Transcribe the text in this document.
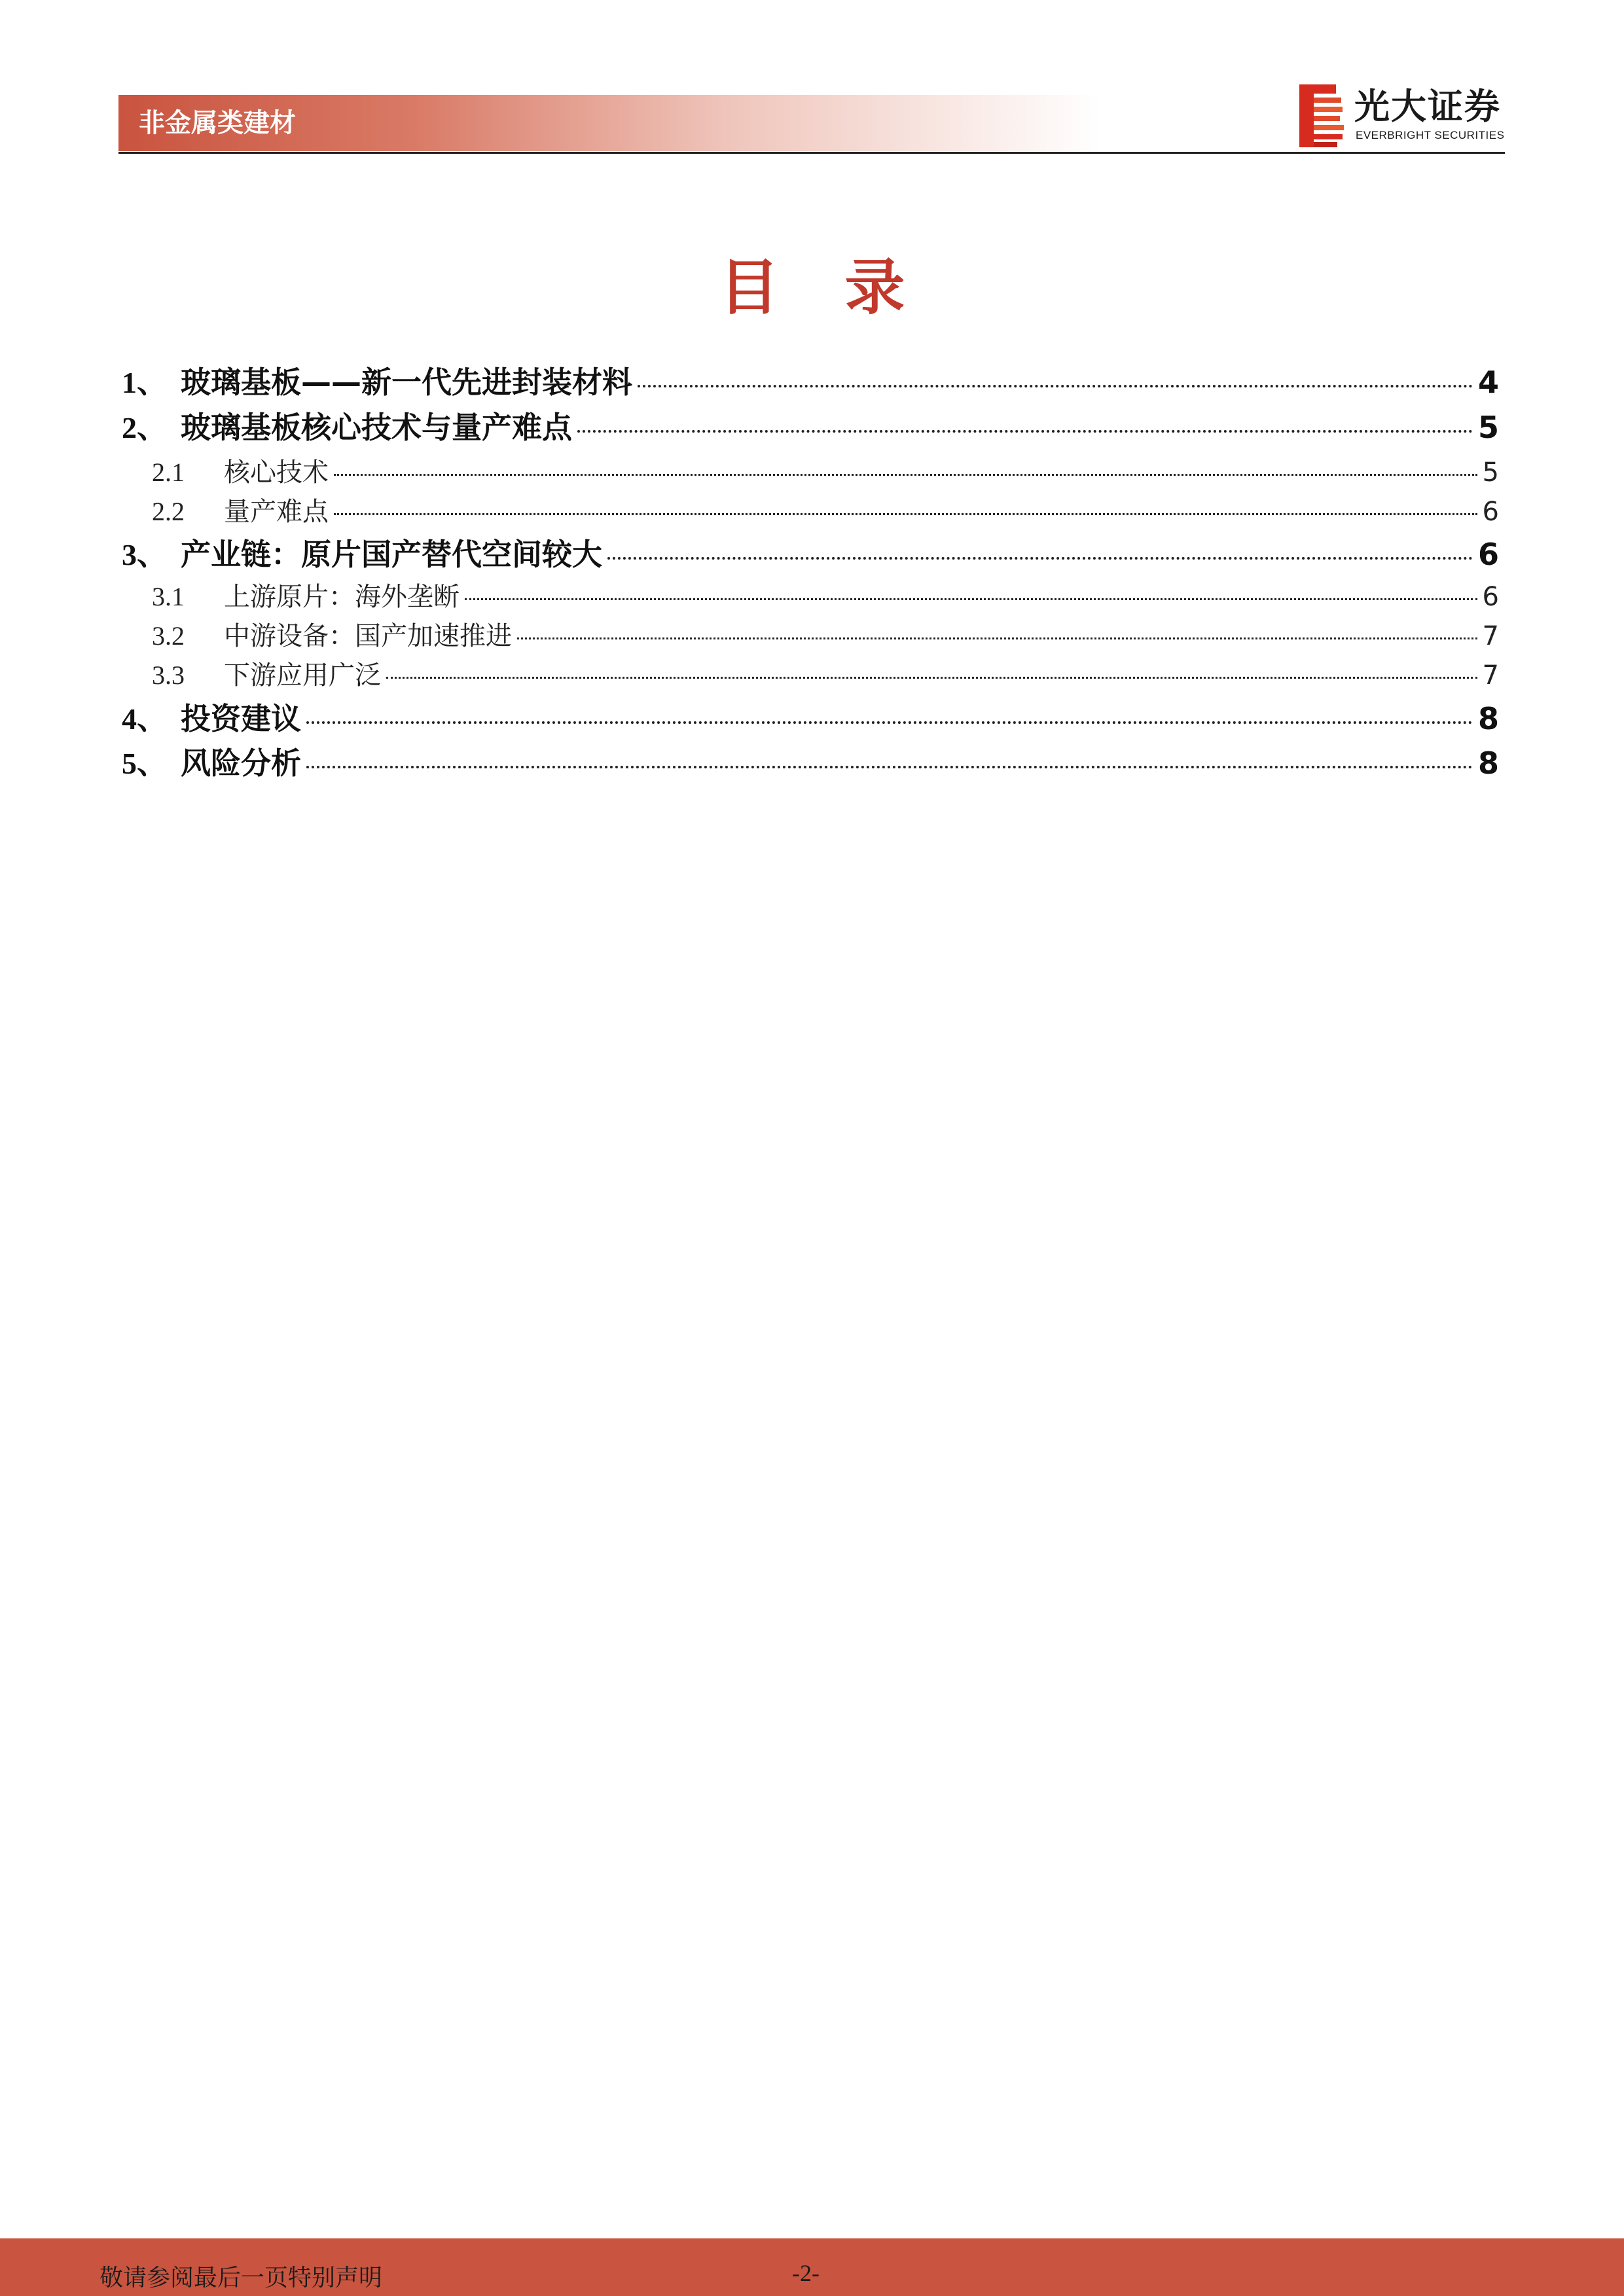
非金属类建材	光大证券
EVERBRIGHT SECURITIES
目录
1、 玻璃基板——新一代先进封装材料	4
2、 玻璃基板核心技术与量产难点	5
2.1	核心技术	5
2.2	量产难点	6
3、 产业链：原片国产替代空间较大	6
3.1	上游原片：海外垄断	6
3.2	中游设备：国产加速推进	7
3.3	下游应用广泛	7
4、 投资建议	8
5、 风险分析	8
敬请参阅最后一页特别声明	-2-
